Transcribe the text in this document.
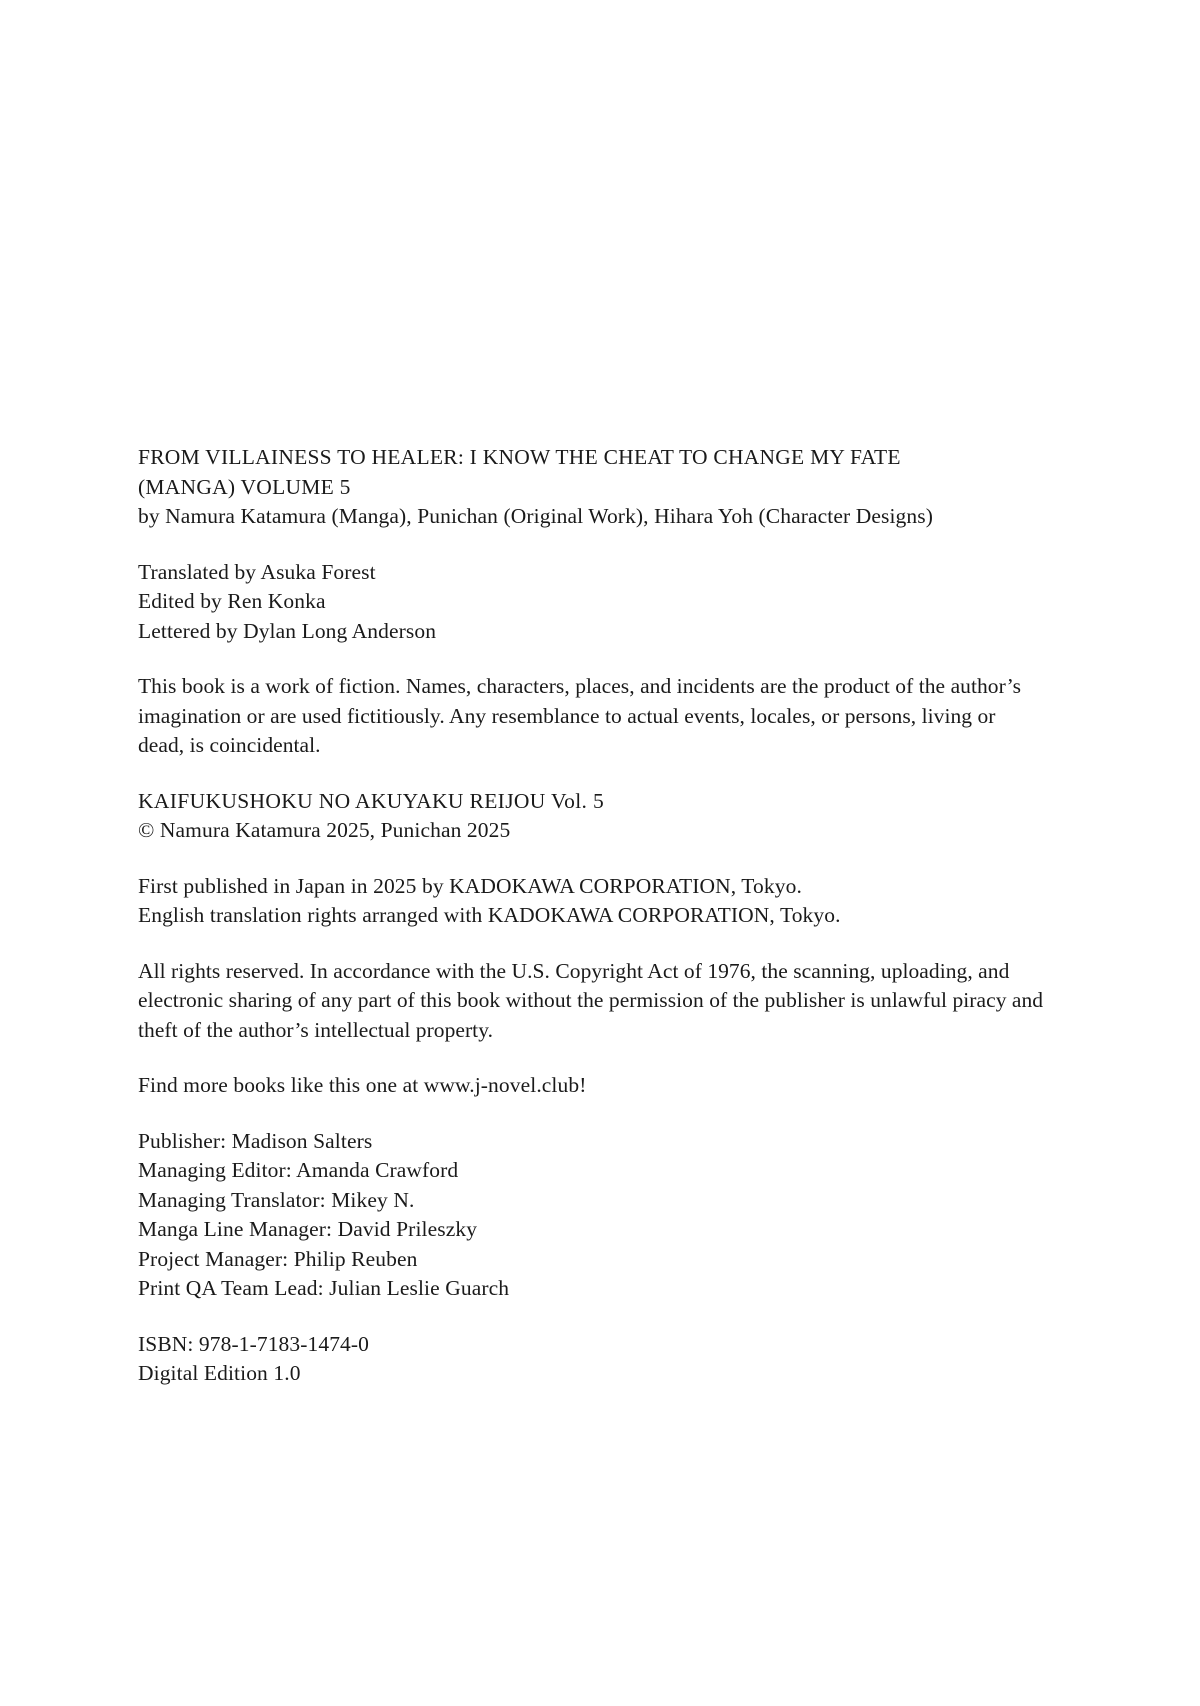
FROM VILLAINESS TO HEALER: I KNOW THE CHEAT TO CHANGE MY FATE
(MANGA) VOLUME 5
by Namura Katamura (Manga), Punichan (Original Work), Hihara Yoh (Character Designs)
Translated by Asuka Forest
Edited by Ren Konka
Lettered by Dylan Long Anderson

This book is a work of fiction. Names, characters, places, and incidents are the product of the author’s imagination or are used fictitiously. Any resemblance to actual events, locales, or persons, living or dead, is coincidental.

KAIFUKUSHOKU NO AKUYAKU REIJOU Vol. 5
© Namura Katamura 2025, Punichan 2025
First published in Japan in 2025 by KADOKAWA CORPORATION, Tokyo.
English translation rights arranged with KADOKAWA CORPORATION, Tokyo.

All rights reserved. In accordance with the U.S. Copyright Act of 1976, the scanning, uploading, and electronic sharing of any part of this book without the permission of the publisher is unlawful piracy and theft of the author’s intellectual property.

Find more books like this one at www.j-novel.club!
Publisher: Madison Salters
Managing Editor: Amanda Crawford
Managing Translator: Mikey N.
Manga Line Manager: David Prileszky
Project Manager: Philip Reuben
Print QA Team Lead: Julian Leslie Guarch
ISBN: 978-1-7183-1474-0
Digital Edition 1.0
